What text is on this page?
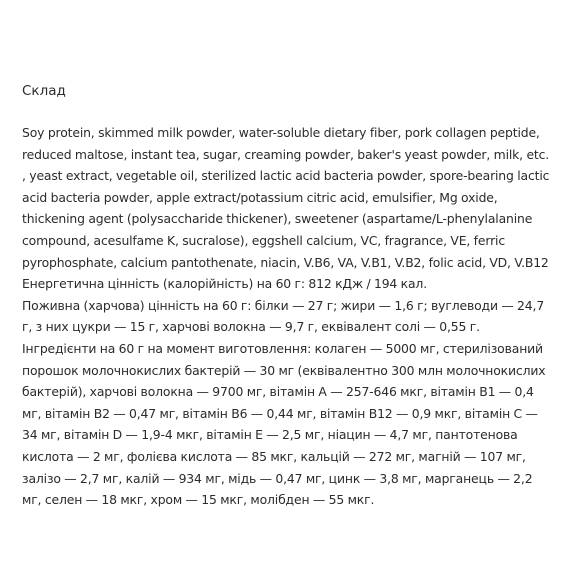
Склад

Soy protein, skimmed milk powder, water-soluble dietary fiber, pork collagen peptide, reduced maltose, instant tea, sugar, creaming powder, baker's yeast powder, milk, etc. , yeast extract, vegetable oil, sterilized lactic acid bacteria powder, spore-bearing lactic acid bacteria powder, apple extract/potassium citric acid, emulsifier, Mg oxide, thickening agent (polysaccharide thickener), sweetener (aspartame/L-phenylalanine compound, acesulfame K, sucralose), eggshell calcium, VC, fragrance, VE, ferric pyrophosphate, calcium pantothenate, niacin, V.B6, VA, V.B1, V.B2, folic acid, VD, V.B12
Енергетична цінність (калорійність) на 60 г: 812 кДж / 194 кал.
Поживна (харчова) цінність на 60 г: білки — 27 г; жири — 1,6 г; вуглеводи — 24,7 г, з них цукри — 15 г, харчові волокна — 9,7 г, еквівалент солі — 0,55 г.
Інгредієнти на 60 г на момент виготовлення: колаген — 5000 мг, стерилізований порошок молочнокислих бактерій — 30 мг (еквівалентно 300 млн молочнокислих бактерій), харчові волокна — 9700 мг, вітамін А — 257-646 мкг, вітамін B1 — 0,4 мг, вітамін B2 — 0,47 мг, вітамін B6 — 0,44 мг, вітамін B12 — 0,9 мкг, вітамін С — 34 мг, вітамін D — 1,9-4 мкг, вітамін Е — 2,5 мг, ніацин — 4,7 мг, пантотенова кислота — 2 мг, фолієва кислота — 85 мкг, кальцій — 272 мг, магній — 107 мг, залізо — 2,7 мг, калій — 934 мг, мідь — 0,47 мг, цинк — 3,8 мг, марганець — 2,2 мг, селен — 18 мкг, хром — 15 мкг, молібден — 55 мкг.
